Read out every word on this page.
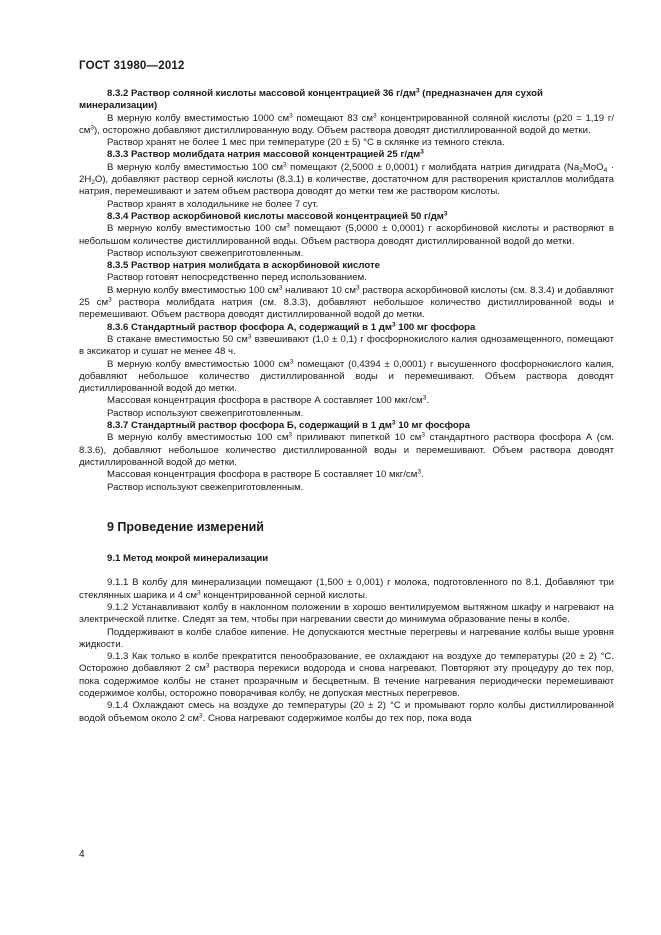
ГОСТ 31980—2012

8.3.2 Раствор соляной кислоты массовой концентрацией 36 $г/дм^3$ (предназначен для сухой минерализации)

В мерную колбу вместимостью 1000 $см^3$ помещают 83 $см^3$ концентрированной соляной кислоты (ρ20 = 1,19 $г/см^3$), осторожно добавляют дистиллированную воду. Объем раствора доводят дистиллированной водой до метки.

Раствор хранят не более 1 мес при температуре (20 ± 5) °С в склянке из темного стекла.

8.3.3 Раствор молибдата натрия массовой концентрацией 25 $г/дм^3$

В мерную колбу вместимостью 100 $см^3$ помещают (2,5000 ± 0,0001) г молибдата натрия дигидрата $(Na_2MoO_4 \cdot 2H_2O)$, добавляют раствор серной кислоты (8.3.1) в количестве, достаточном для растворения кристаллов молибдата натрия, перемешивают и затем объем раствора доводят до метки тем же раствором кислоты.

Раствор хранят в холодильнике не более 7 сут.

8.3.4 Раствор аскорбиновой кислоты массовой концентрацией 50 $г/дм^3$

В мерную колбу вместимостью 100 $см^3$ помещают (5,0000 ± 0,0001) г аскорбиновой кислоты и растворяют в небольшом количестве дистиллированной воды. Объем раствора доводят дистиллированной водой до метки.

Раствор используют свежеприготовленным.

8.3.5 Раствор натрия молибдата в аскорбиновой кислоте

Раствор готовят непосредственно перед использованием.

В мерную колбу вместимостью 100 $см^3$ наливают 10 $см^3$ раствора аскорбиновой кислоты (см. 8.3.4) и добавляют 25 $см^3$ раствора молибдата натрия (см. 8.3.3), добавляют небольшое количество дистиллированной воды и перемешивают. Объем раствора доводят дистиллированной водой до метки.

8.3.6 Стандартный раствор фосфора А, содержащий в 1 $дм^3$ 100 мг фосфора

В стакане вместимостью 50 $см^3$ взвешивают (1,0 ± 0,1) г фосфорнокислого калия однозамещенного, помещают в эксикатор и сушат не менее 48 ч.

В мерную колбу вместимостью 1000 $см^3$ помещают (0,4394 ± 0,0001) г высушенного фосфорнокислого калия, добавляют небольшое количество дистиллированной воды и перемешивают. Объем раствора доводят дистиллированной водой до метки.

Массовая концентрация фосфора в растворе А составляет 100 мкг/$см^3$.

Раствор используют свежеприготовленным.

8.3.7 Стандартный раствор фосфора Б, содержащий в 1 $дм^3$ 10 мг фосфора

В мерную колбу вместимостью 100 $см^3$ приливают пипеткой 10 $см^3$ стандартного раствора фосфора А (см. 8.3.6), добавляют небольшое количество дистиллированной воды и перемешивают. Объем раствора доводят дистиллированной водой до метки.

Массовая концентрация фосфора в растворе Б составляет 10 мкг/$см^3$.

Раствор используют свежеприготовленным.

9 Проведение измерений

9.1 Метод мокрой минерализации

9.1.1 В колбу для минерализации помещают (1,500 ± 0,001) г молока, подготовленного по 8.1. Добавляют три стеклянных шарика и 4 $см^3$ концентрированной серной кислоты.

9.1.2 Устанавливают колбу в наклонном положении в хорошо вентилируемом вытяжном шкафу и нагревают на электрической плитке. Следят за тем, чтобы при нагревании свести до минимума образование пены в колбе.

Поддерживают в колбе слабое кипение. Не допускаются местные перегревы и нагревание колбы выше уровня жидкости.

9.1.3 Как только в колбе прекратится пенообразование, ее охлаждают на воздухе до температуры (20 ± 2) °С. Осторожно добавляют 2 $см^3$ раствора перекиси водорода и снова нагревают. Повторяют эту процедуру до тех пор, пока содержимое колбы не станет прозрачным и бесцветным. В течение нагревания периодически перемешивают содержимое колбы, осторожно поворачивая колбу, не допуская местных перегревов.

9.1.4 Охлаждают смесь на воздухе до температуры (20 ± 2) °С и промывают горло колбы дистиллированной водой объемом около 2 $см^3$. Снова нагревают содержимое колбы до тех пор, пока вода

4
